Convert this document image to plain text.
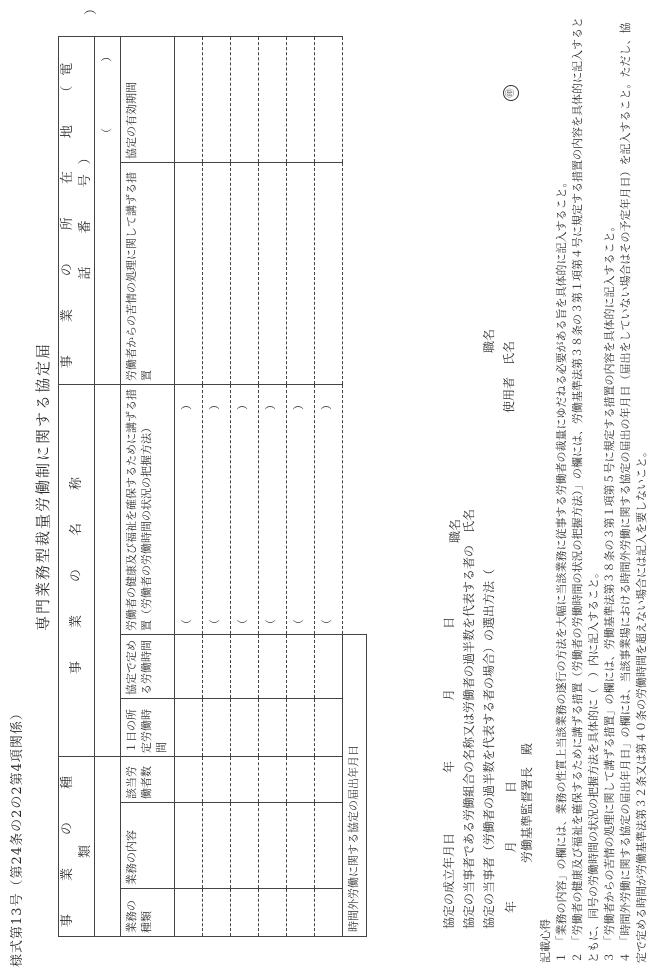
様式第13号（第24条の2の2第4項関係）
専門業務型裁量労働制に関する協定届
事　業　の　種　類			事　業　の　名　称			事　業　の　所　在　地　（電　話　番　号）	

						（　　　　　　）	

業務の種類	業務の内容	該当労働者数	１日の所定労働時間	協定で定める労働時間	労働者の健康及び福祉を確保するために講ずる措置（労働者の労働時間の状況の把握方法）	労働者からの苦情の処理に関して講ずる措置	協定の有効期間
					（
）		

					（
）		

					（
）		

					（
）		

					（
）		

					（
）		

時間外労働に関する協定の届出年月日							
）
協定の成立年月日　　　　　年　　　　　月　　　　　日 協定の当事者である労働組合の名称又は労働者の過半数を代表する者の　氏名
職名
協定の当事者（労働者の過半数を代表する者の場合）の選出方法（ 年　　　　月　　　　日
職名
使用者　氏名　　　　　　　　　　　　　　　　　　　　㊞
労働基準監督署長　殿

記載心得 １　「業務の内容」の欄には、業務の性質上当該業務の遂行の方法を大幅に当該業務に従事する労働者の裁量にゆだねる必要がある旨を具体的に記入すること。 ２　「労働者の健康及び福祉を確保するために講ずる措置（労働者の労働時間の状況の把握方法）」の欄には、労働基準法第３８条の３第１項第４号に規定する措置の内容を具体的に記入するとともに、同号の労働時間の状況の把握方法を具体的に（　）内に記入すること。 ３　「労働者からの苦情の処理に関して講ずる措置」の欄には、労働基準法第３８条の３第１項第５号に規定する措置の内容を具体的に記入すること。 ４　「時間外労働に関する協定の届出年月日」の欄には、当該事業場における時間外労働に関する協定の届出の年月日（届出をしていない場合はその予定年月日）を記入すること。ただし、協定で定める時間が労働基準法第３２条又は第４０条の労働時間を超えない場合には記入を要しないこと。
